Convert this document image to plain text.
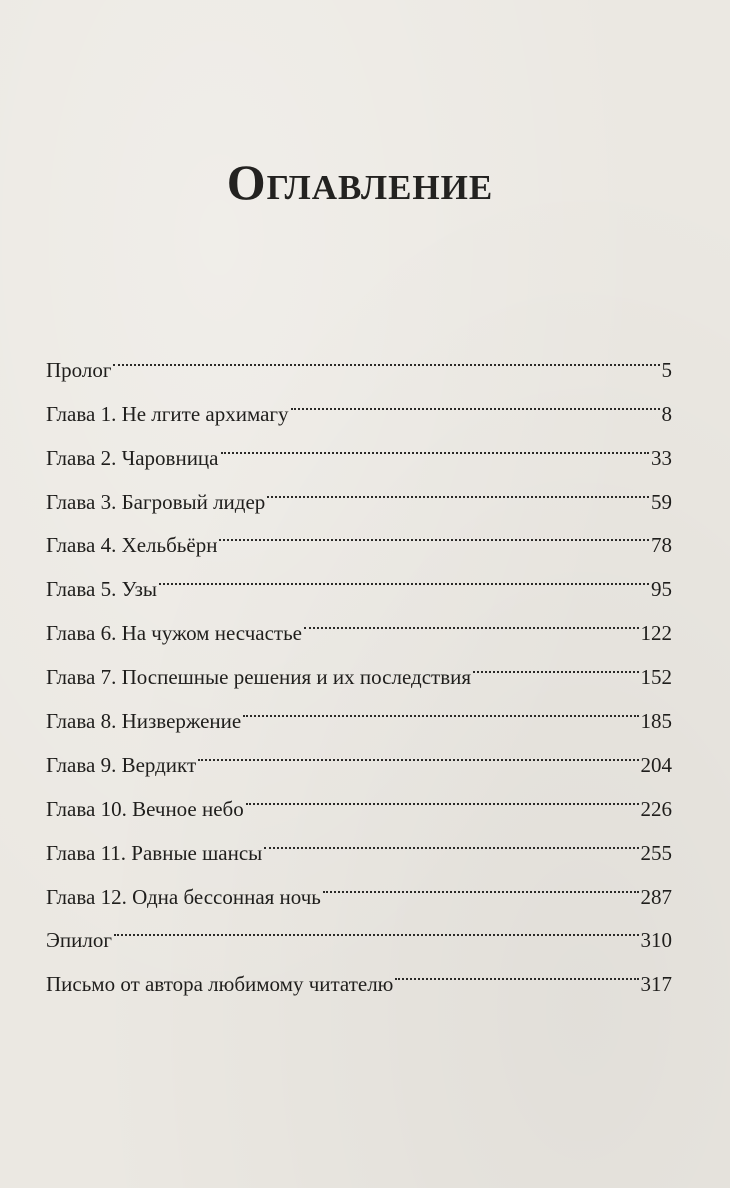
Оглавление
Пролог	5
Глава 1. Не лгите архимагу	8
Глава 2. Чаровница	33
Глава 3. Багровый лидер	59
Глава 4. Хельбьёрн	78
Глава 5. Узы	95
Глава 6. На чужом несчастье	122
Глава 7. Поспешные решения и их последствия	152
Глава 8. Низвержение	185
Глава 9. Вердикт	204
Глава 10. Вечное небо	226
Глава 11. Равные шансы	255
Глава 12. Одна бессонная ночь	287
Эпилог	310
Письмо от автора любимому читателю	317
